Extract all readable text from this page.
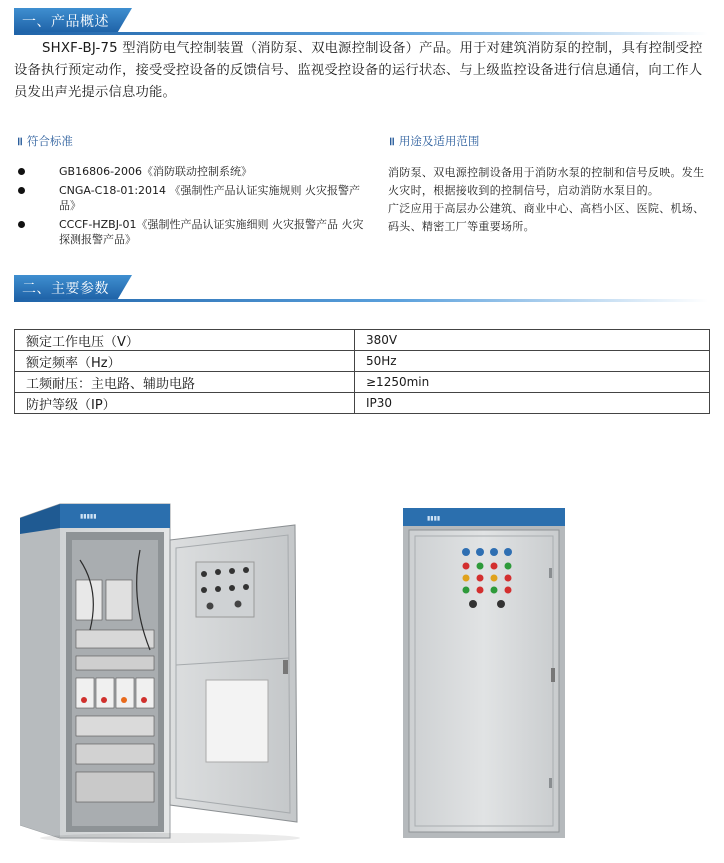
一、产品概述

SHXF-BJ-75 型消防电气控制装置（消防泵、双电源控制设备）产品。用于对建筑消防泵的控制，具有控制受控设备执行预定动作，接受受控设备的反馈信号、监视受控设备的运行状态、与上级监控设备进行信息通信，向工作人员发出声光提示信息功能。

॥ 符合标准	॥ 用途及适用范围
GB16806-2006《消防联动控制系统》
CNGA-C18-01:2014 《强制性产品认证实施规则 火灾报警产品》
CCCF-HZBJ-01《强制性产品认证实施细则 火灾报警产品 火灾探测报警产品》
消防泵、双电源控制设备用于消防水泵的控制和信号反映。发生火灾时，根据接收到的控制信号，启动消防水泵目的。
广泛应用于高层办公建筑、商业中心、高档小区、医院、机场、码头、精密工厂等重要场所。
二、主要参数
额定工作电压（V）	380V
额定频率（Hz）	50Hz
工频耐压：主电路、辅助电路	≥1250min
防护等级（IP）	IP30
▮▮▮▮▮	▮▮▮▮
